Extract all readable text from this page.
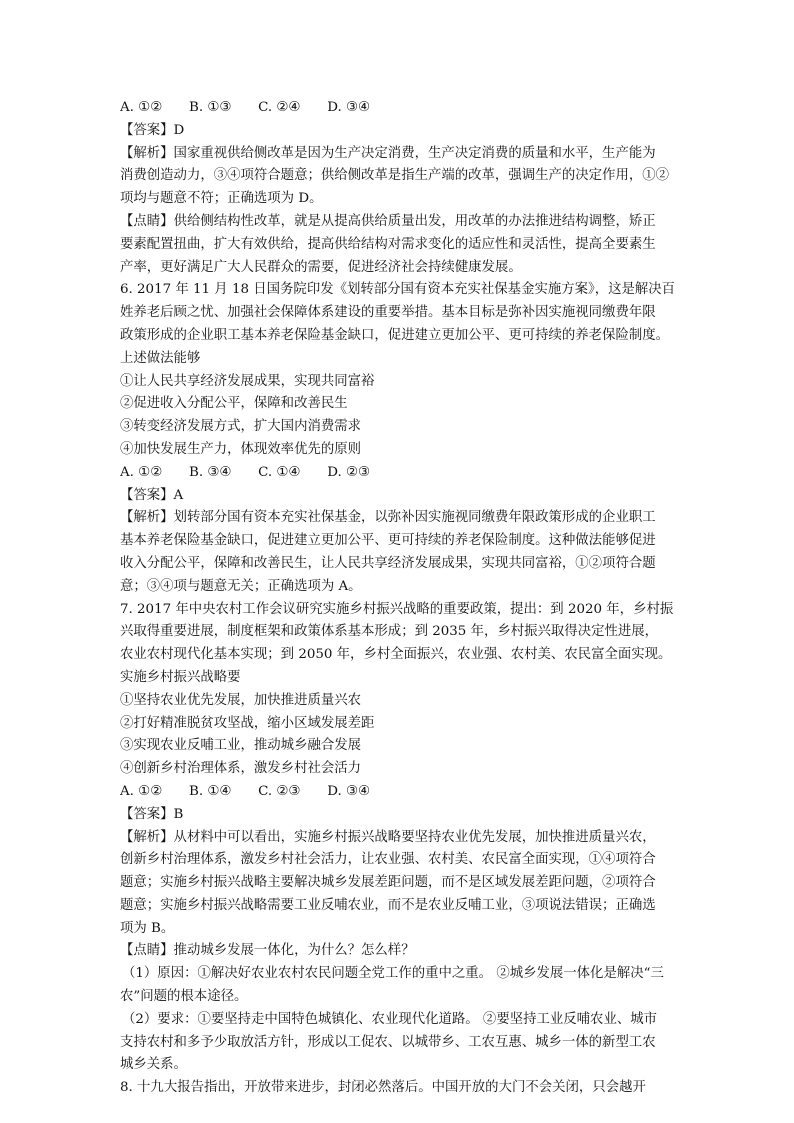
A. ①②　　B. ①③　　C. ②④　　D. ③④
【答案】D
【解析】国家重视供给侧改革是因为生产决定消费，生产决定消费的质量和水平，生产能为
消费创造动力，③④项符合题意；供给侧改革是指生产端的改革，强调生产的决定作用，①②
项均与题意不符；正确选项为 D。
【点睛】供给侧结构性改革，就是从提高供给质量出发，用改革的办法推进结构调整，矫正
要素配置扭曲，扩大有效供给，提高供给结构对需求变化的适应性和灵活性，提高全要素生
产率，更好满足广大人民群众的需要，促进经济社会持续健康发展。
6. 2017 年 11 月 18 日国务院印发《划转部分国有资本充实社保基金实施方案》，这是解决百
姓养老后顾之忧、加强社会保障体系建设的重要举措。基本目标是弥补因实施视同缴费年限
政策形成的企业职工基本养老保险基金缺口，促进建立更加公平、更可持续的养老保险制度。
上述做法能够
①让人民共享经济发展成果，实现共同富裕
②促进收入分配公平，保障和改善民生
③转变经济发展方式，扩大国内消费需求
④加快发展生产力，体现效率优先的原则
A. ①②　　B. ③④　　C. ①④　　D. ②③
【答案】A
【解析】划转部分国有资本充实社保基金，以弥补因实施视同缴费年限政策形成的企业职工
基本养老保险基金缺口，促进建立更加公平、更可持续的养老保险制度。这种做法能够促进
收入分配公平，保障和改善民生，让人民共享经济发展成果，实现共同富裕，①②项符合题
意；③④项与题意无关；正确选项为 A。
7. 2017 年中央农村工作会议研究实施乡村振兴战略的重要政策，提出：到 2020 年，乡村振
兴取得重要进展，制度框架和政策体系基本形成；到 2035 年，乡村振兴取得决定性进展，
农业农村现代化基本实现；到 2050 年，乡村全面振兴，农业强、农村美、农民富全面实现。
实施乡村振兴战略要
①坚持农业优先发展，加快推进质量兴农
②打好精准脱贫攻坚战，缩小区域发展差距
③实现农业反哺工业，推动城乡融合发展
④创新乡村治理体系，激发乡村社会活力
A. ①②　　B. ①④　　C. ②③　　D. ③④
【答案】B
【解析】从材料中可以看出，实施乡村振兴战略要坚持农业优先发展，加快推进质量兴农，
创新乡村治理体系，激发乡村社会活力，让农业强、农村美、农民富全面实现，①④项符合
题意；实施乡村振兴战略主要解决城乡发展差距问题，而不是区域发展差距问题，②项符合
题意；实施乡村振兴战略需要工业反哺农业，而不是农业反哺工业，③项说法错误；正确选
项为 B。
【点睛】推动城乡发展一体化，为什么？怎么样？
（1）原因：①解决好农业农村农民问题全党工作的重中之重。 ②城乡发展一体化是解决“三
农”问题的根本途径。
（2）要求：①要坚持走中国特色城镇化、农业现代化道路。 ②要坚持工业反哺农业、城市
支持农村和多予少取放活方针，形成以工促农、以城带乡、工农互惠、城乡一体的新型工农
城乡关系。
8. 十九大报告指出，开放带来进步，封闭必然落后。中国开放的大门不会关闭，只会越开
